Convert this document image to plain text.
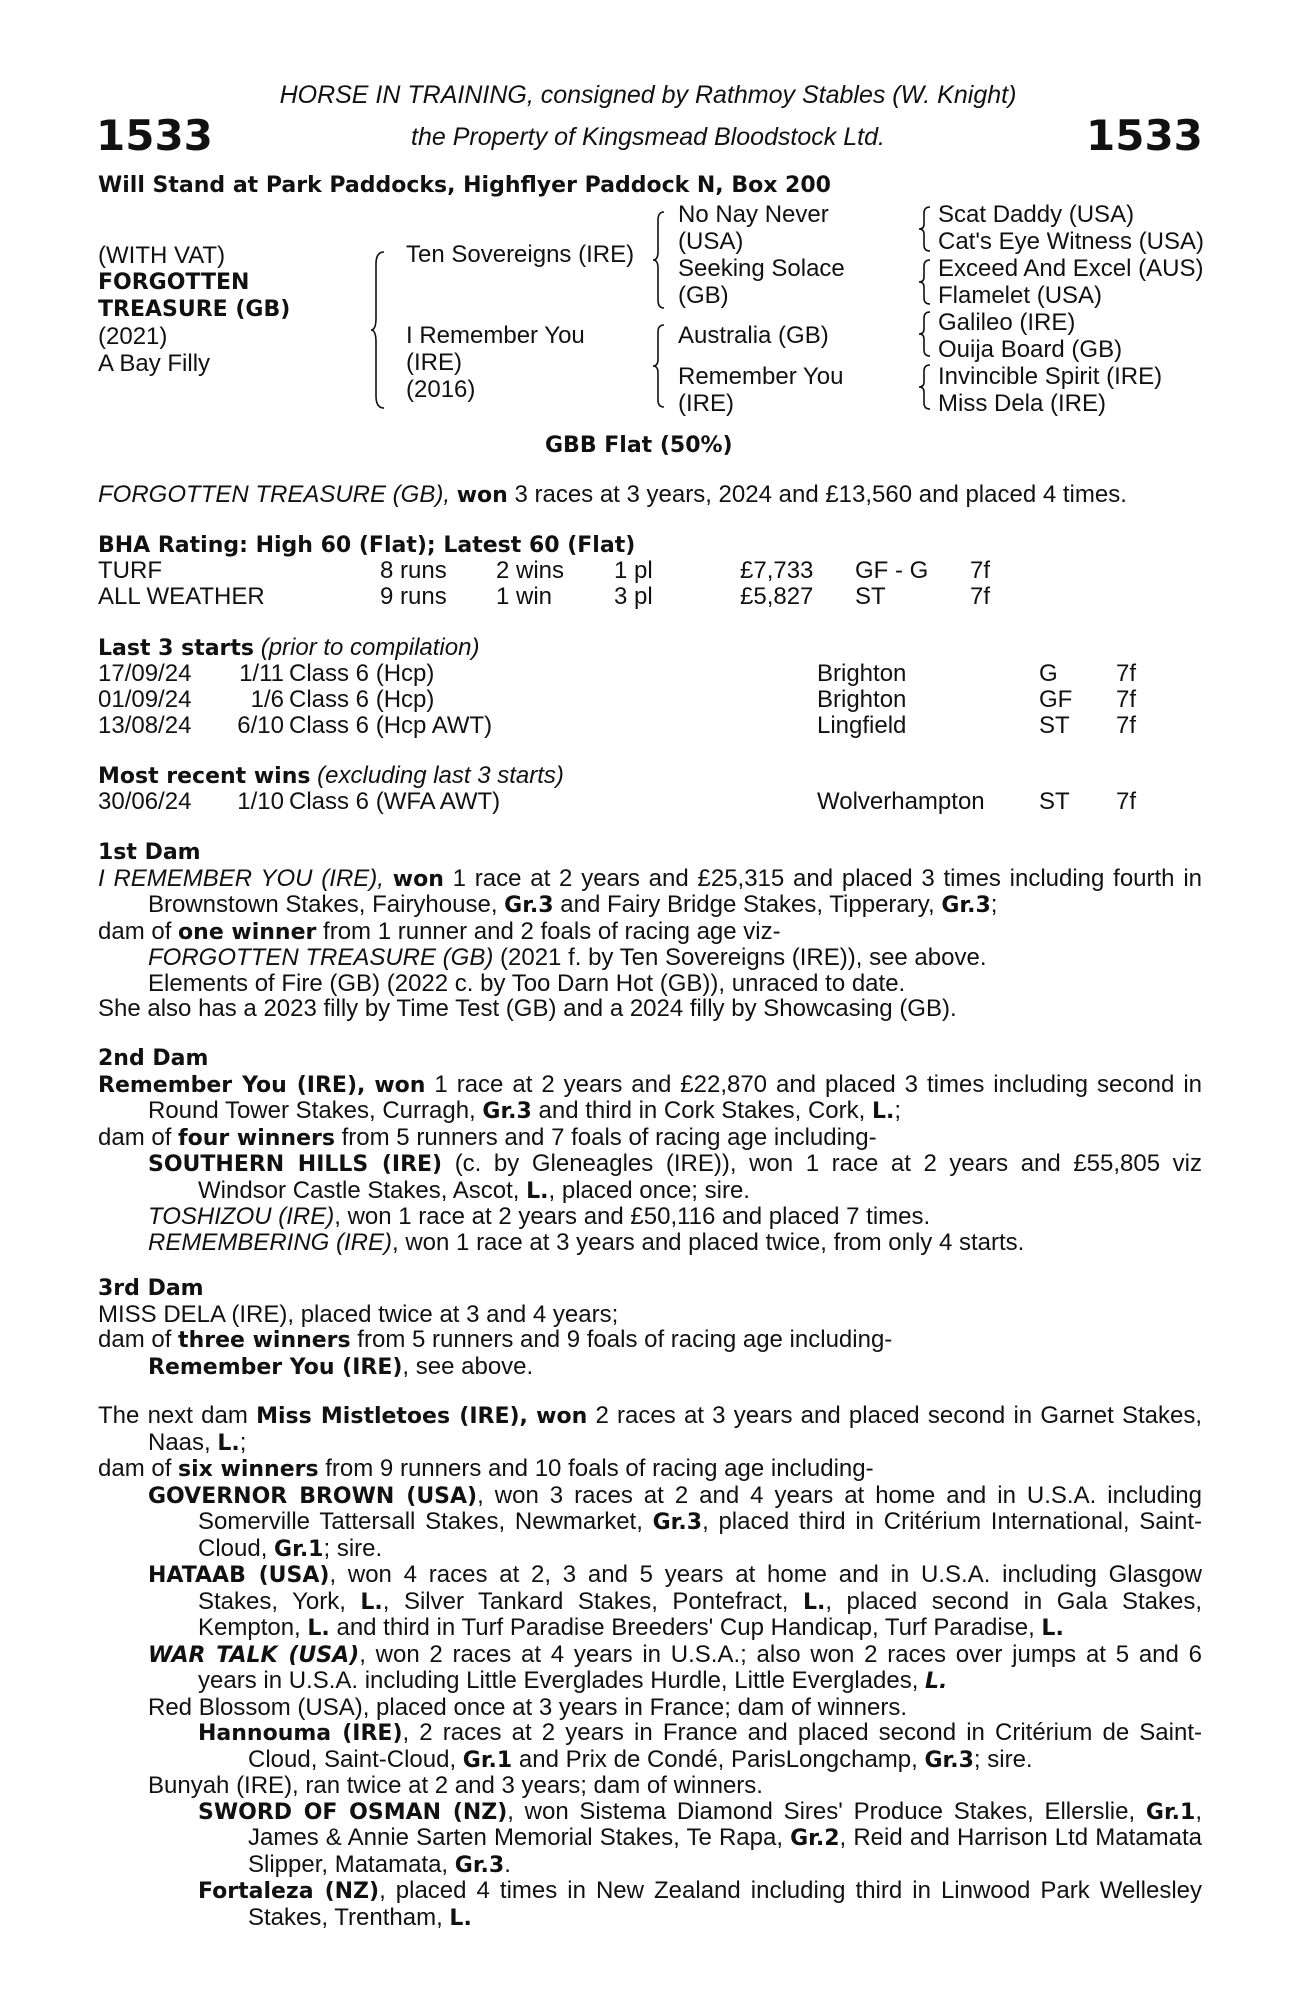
HORSE IN TRAINING, consigned by Rathmoy Stables (W. Knight)
1533	the Property of Kingsmead Bloodstock Ltd.	1533
Will Stand at Park Paddocks, Highflyer Paddock N, Box 200
(WITH VAT)
FORGOTTEN
TREASURE (GB)
(2021)
A Bay Filly
Ten Sovereigns (IRE)
I Remember You
(IRE)
(2016)
No Nay Never
(USA)
Seeking Solace
(GB)
Australia (GB)
Remember You
(IRE)
Scat Daddy (USA)
Cat's Eye Witness (USA)
Exceed And Excel (AUS)
Flamelet (USA)
Galileo (IRE)
Ouija Board (GB)
Invincible Spirit (IRE)
Miss Dela (IRE)
GBB Flat (50%)
FORGOTTEN TREASURE (GB), won 3 races at 3 years, 2024 and £13,560 and placed 4 times.
BHA Rating: High 60 (Flat); Latest 60 (Flat)
TURF	8 runs 2 wins 1 pl	£7,733 GF - G 7f
ALL WEATHER	9 runs 1 win	3 pl	£5,827 ST	7f
Last 3 starts (prior to compilation)
17/09/24	1/11 Class 6 (Hcp)	Brighton	G 7f
01/09/24	1/6 Class 6 (Hcp)	Brighton	GF 7f
13/08/24	6/10 Class 6 (Hcp AWT)	Lingfield	ST 7f
Most recent wins (excluding last 3 starts)
30/06/24	1/10 Class 6 (WFA AWT)	Wolverhampton ST 7f
1st Dam
I REMEMBER YOU (IRE), won 1 race at 2 years and £25,315 and placed 3 times including fourth in Brownstown Stakes, Fairyhouse, Gr.3 and Fairy Bridge Stakes, Tipperary, Gr.3;
dam of one winner from 1 runner and 2 foals of racing age viz-
FORGOTTEN TREASURE (GB) (2021 f. by Ten Sovereigns (IRE)), see above.
Elements of Fire (GB) (2022 c. by Too Darn Hot (GB)), unraced to date.
She also has a 2023 filly by Time Test (GB) and a 2024 filly by Showcasing (GB).
2nd Dam
Remember You (IRE), won 1 race at 2 years and £22,870 and placed 3 times including second in Round Tower Stakes, Curragh, Gr.3 and third in Cork Stakes, Cork, L.;
dam of four winners from 5 runners and 7 foals of racing age including-
SOUTHERN HILLS (IRE) (c. by Gleneagles (IRE)), won 1 race at 2 years and £55,805 viz Windsor Castle Stakes, Ascot, L., placed once; sire.
TOSHIZOU (IRE), won 1 race at 2 years and £50,116 and placed 7 times.
REMEMBERING (IRE), won 1 race at 3 years and placed twice, from only 4 starts.
3rd Dam
MISS DELA (IRE), placed twice at 3 and 4 years;
dam of three winners from 5 runners and 9 foals of racing age including-
Remember You (IRE), see above.
The next dam Miss Mistletoes (IRE), won 2 races at 3 years and placed second in Garnet Stakes, Naas, L.;
dam of six winners from 9 runners and 10 foals of racing age including-
GOVERNOR BROWN (USA), won 3 races at 2 and 4 years at home and in U.S.A. including Somerville Tattersall Stakes, Newmarket, Gr.3, placed third in Critérium International, Saint-Cloud, Gr.1; sire.
HATAAB (USA), won 4 races at 2, 3 and 5 years at home and in U.S.A. including Glasgow Stakes, York, L., Silver Tankard Stakes, Pontefract, L., placed second in Gala Stakes, Kempton, L. and third in Turf Paradise Breeders' Cup Handicap, Turf Paradise, L.
WAR TALK (USA), won 2 races at 4 years in U.S.A.; also won 2 races over jumps at 5 and 6 years in U.S.A. including Little Everglades Hurdle, Little Everglades, L.
Red Blossom (USA), placed once at 3 years in France; dam of winners.
Hannouma (IRE), 2 races at 2 years in France and placed second in Critérium de Saint-Cloud, Saint-Cloud, Gr.1 and Prix de Condé, ParisLongchamp, Gr.3; sire.
Bunyah (IRE), ran twice at 2 and 3 years; dam of winners.
SWORD OF OSMAN (NZ), won Sistema Diamond Sires' Produce Stakes, Ellerslie, Gr.1, James & Annie Sarten Memorial Stakes, Te Rapa, Gr.2, Reid and Harrison Ltd Matamata Slipper, Matamata, Gr.3.
Fortaleza (NZ), placed 4 times in New Zealand including third in Linwood Park Wellesley Stakes, Trentham, L.
